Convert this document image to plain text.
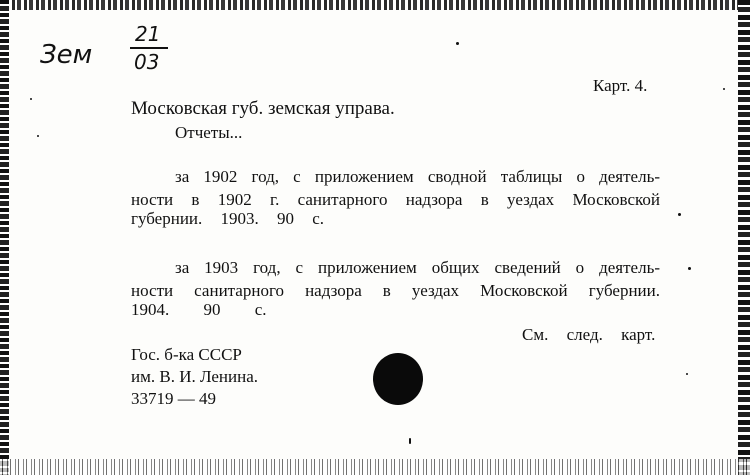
Зем
21
03
Карт. 4.
Московская губ. земская управа.
Отчеты...
за 1902 год, с приложением сводной таблицы о деятель-
ности в 1902 г. санитарного надзора в уездах Московской
губернии. 1903. 90 с.
за 1903 год, с приложением общих сведений о деятель-
ности санитарного надзора в уездах Московской губернии.
1904. 90 с.
См. след. карт.
Гос. б-ка СССР
им. В. И. Ленина.
33719 — 49
